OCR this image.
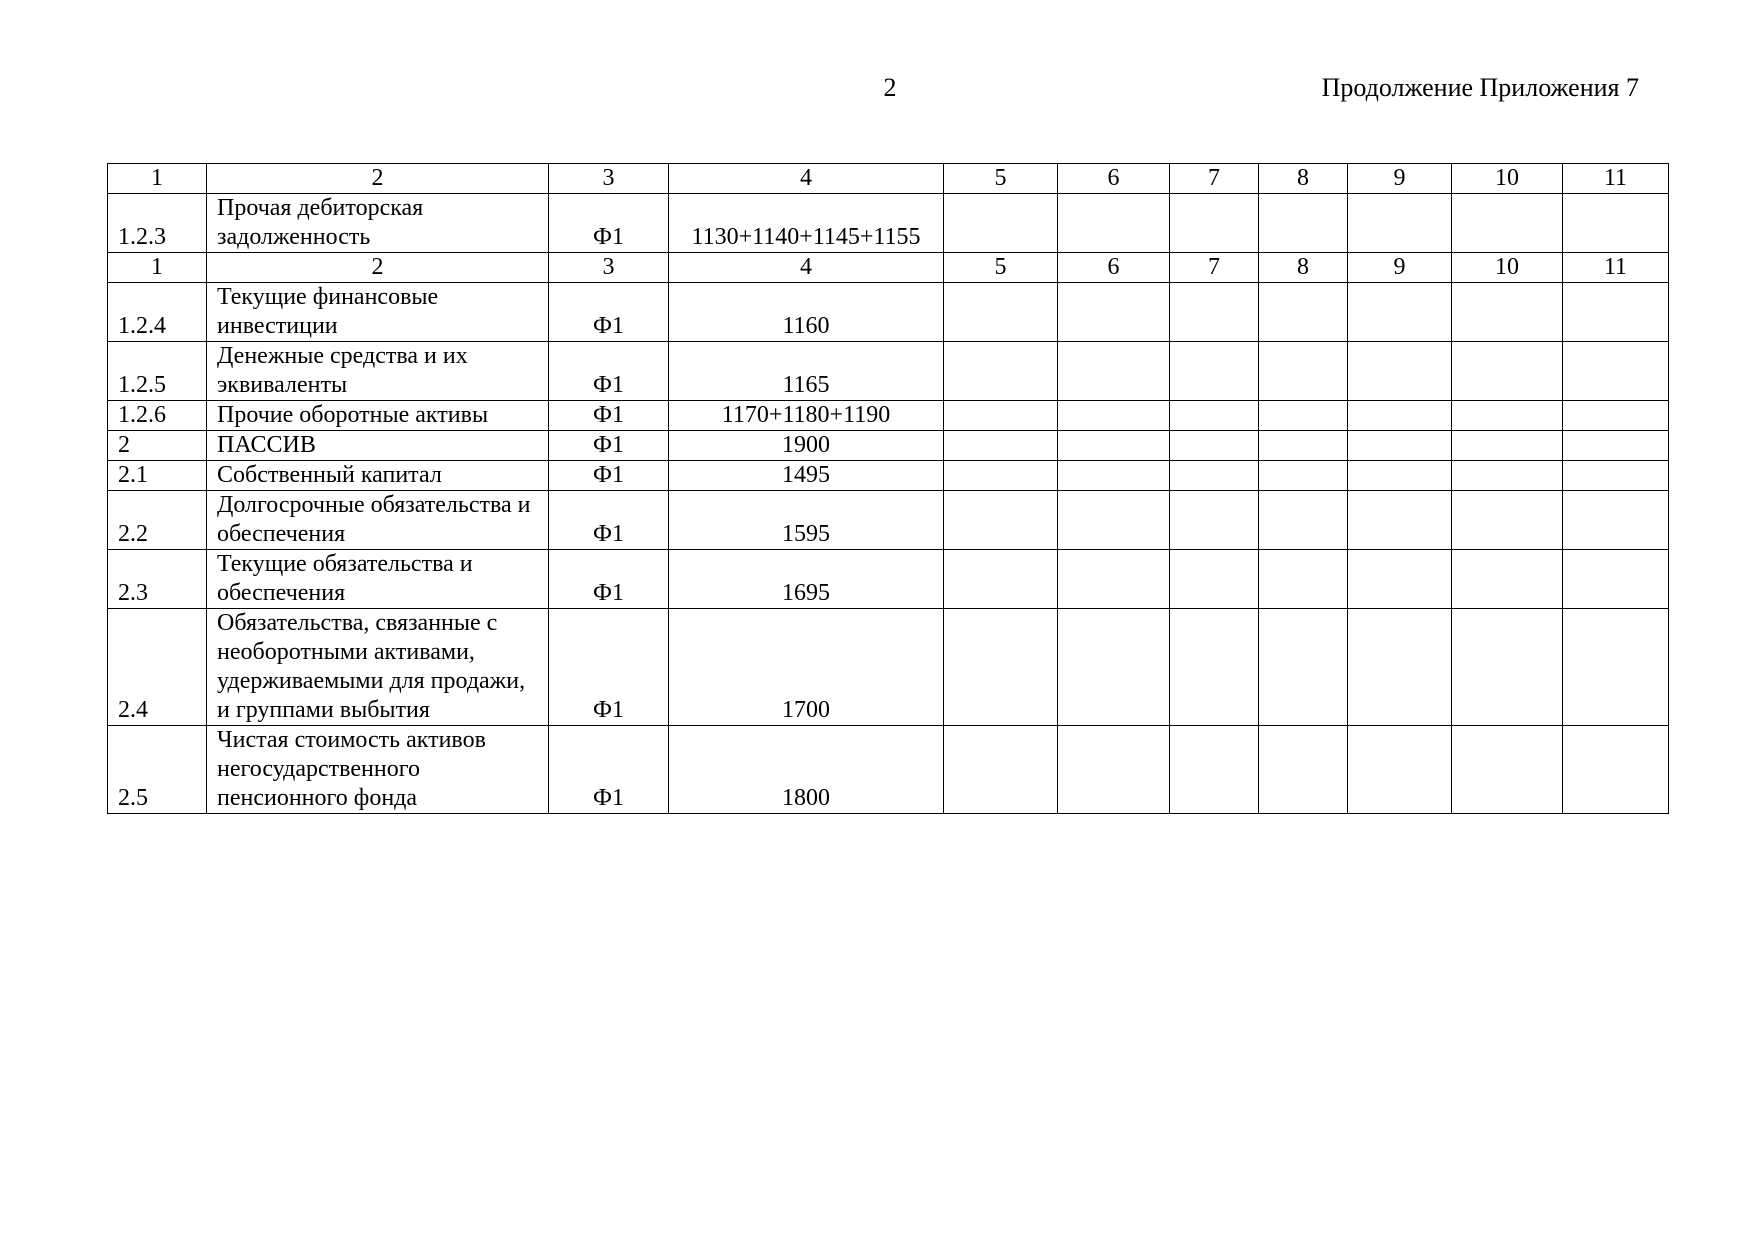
2	Продолжение Приложения 7
1	2	3	4	5	6	7	8	9	10	11
1.2.3	Прочая дебиторская задолженность	Ф1	1130+1140+1145+1155							
1	2	3	4	5	6	7	8	9	10	11
1.2.4	Текущие финансовые инвестиции	Ф1	1160							
1.2.5	Денежные средства и их эквиваленты	Ф1	1165							
1.2.6	Прочие оборотные активы	Ф1	1170+1180+1190							
2	ПАССИВ	Ф1	1900							
2.1	Собственный капитал	Ф1	1495							
2.2	Долгосрочные обязательства и обеспечения	Ф1	1595							
2.3	Текущие обязательства и обеспечения	Ф1	1695							
2.4	Обязательства, связанные с необоротными активами, удерживаемыми для продажи, и группами выбытия	Ф1	1700							
2.5	Чистая стоимость активов негосударственного пенсионного фонда	Ф1	1800							
